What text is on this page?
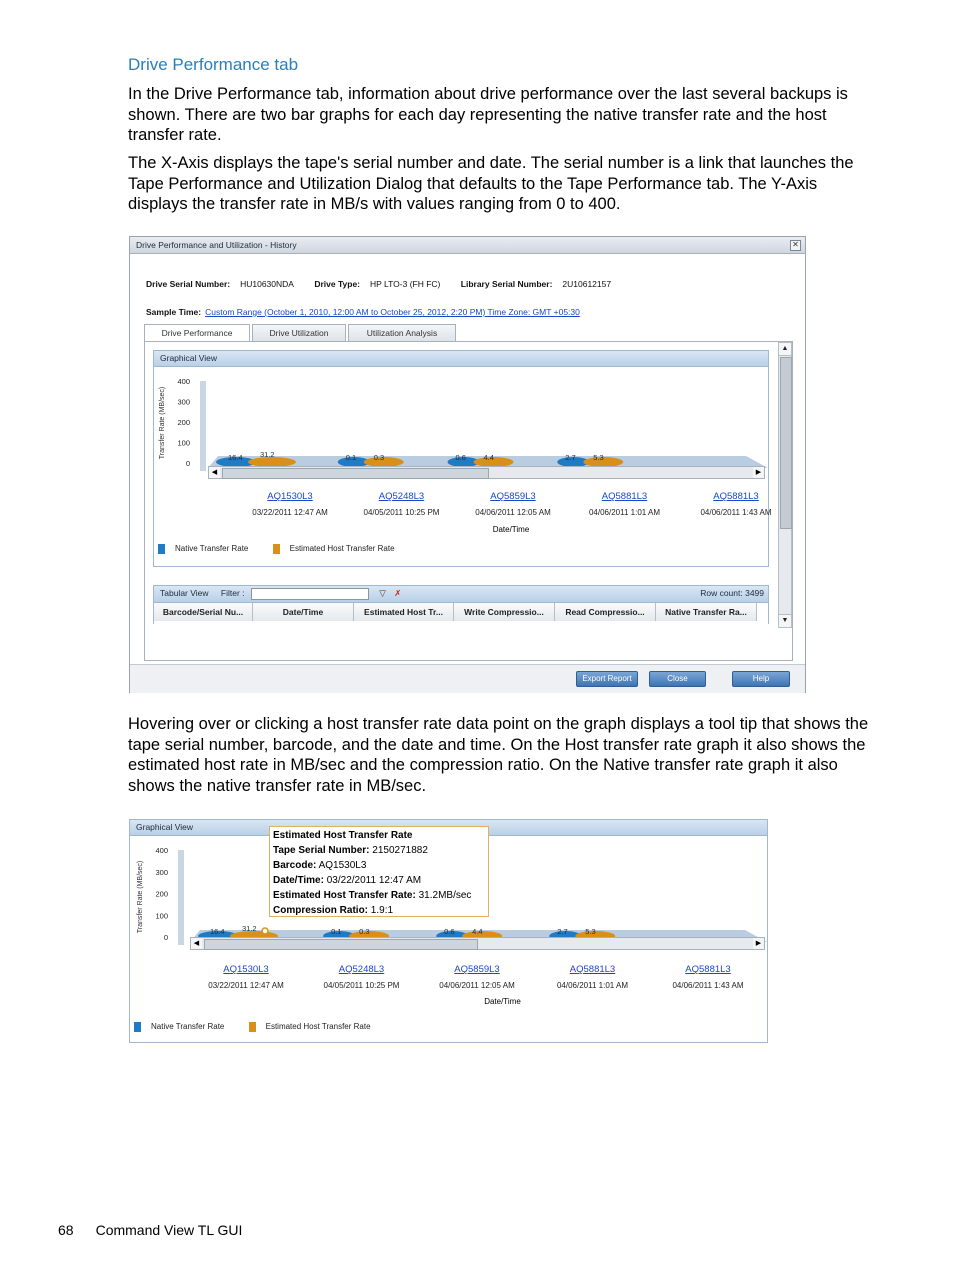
Drive Performance tab

In the Drive Performance tab, information about drive performance over the last several backups is shown. There are two bar graphs for each day representing the native transfer rate and the host transfer rate.

The X-Axis displays the tape's serial number and date. The serial number is a link that launches the Tape Performance and Utilization Dialog that defaults to the Tape Performance tab. The Y-Axis displays the transfer rate in MB/s with values ranging from 0 to 400.

Drive Performance and Utilization - History	✕
Drive Serial Number: HU10630NDA Drive Type: HP LTO-3 (FH FC) Library Serial Number: 2U10612157
Sample Time: Custom Range (October 1, 2010, 12:00 AM to October 25, 2012, 2:20 PM) Time Zone: GMT +05:30
Drive Performance	Drive Utilization	Utilization Analysis
Graphical View
Transfer Rate (MB/sec)
400
300
200
100
0
16.4 31.2	0.1 0.3	0.6 4.4	2.7 5.3
◀	▶
AQ1530L3
03/22/2011 12:47 AM
AQ5248L3
04/05/2011 10:25 PM
AQ5859L3
04/06/2011 12:05 AM
AQ5881L3
04/06/2011 1:01 AM
AQ5881L3
04/06/2011 1:43 AM
Date/Time
Native Transfer Rate	Estimated Host Transfer Rate
Tabular View Filter :	▽ ✗	Row count: 3499
Barcode/Serial Nu...	Date/Time	Estimated Host Tr...	Write Compressio...	Read Compressio...	Native Transfer Ra...
▲
▼
Export Report	Close	Help

Hovering over or clicking a host transfer rate data point on the graph displays a tool tip that shows the tape serial number, barcode, and the date and time. On the Host transfer rate graph it also shows the estimated host rate in MB/sec and the compression ratio. On the Native transfer rate graph it also shows the native transfer rate in MB/sec.

Graphical View
Transfer Rate (MB/sec)
400
300
200
100
0
16.4 31.2	0.1 0.3	0.6 4.4	2.7 5.3
◀	▶
AQ1530L3
03/22/2011 12:47 AM
AQ5248L3
04/05/2011 10:25 PM
AQ5859L3
04/06/2011 12:05 AM
AQ5881L3
04/06/2011 1:01 AM
AQ5881L3
04/06/2011 1:43 AM
Date/Time
Native Transfer Rate	Estimated Host Transfer Rate
Estimated Host Transfer Rate
Tape Serial Number: 2150271882
Barcode: AQ1530L3
Date/Time: 03/22/2011 12:47 AM
Estimated Host Transfer Rate: 31.2MB/sec
Compression Ratio: 1.9:1
68 Command View TL GUI
